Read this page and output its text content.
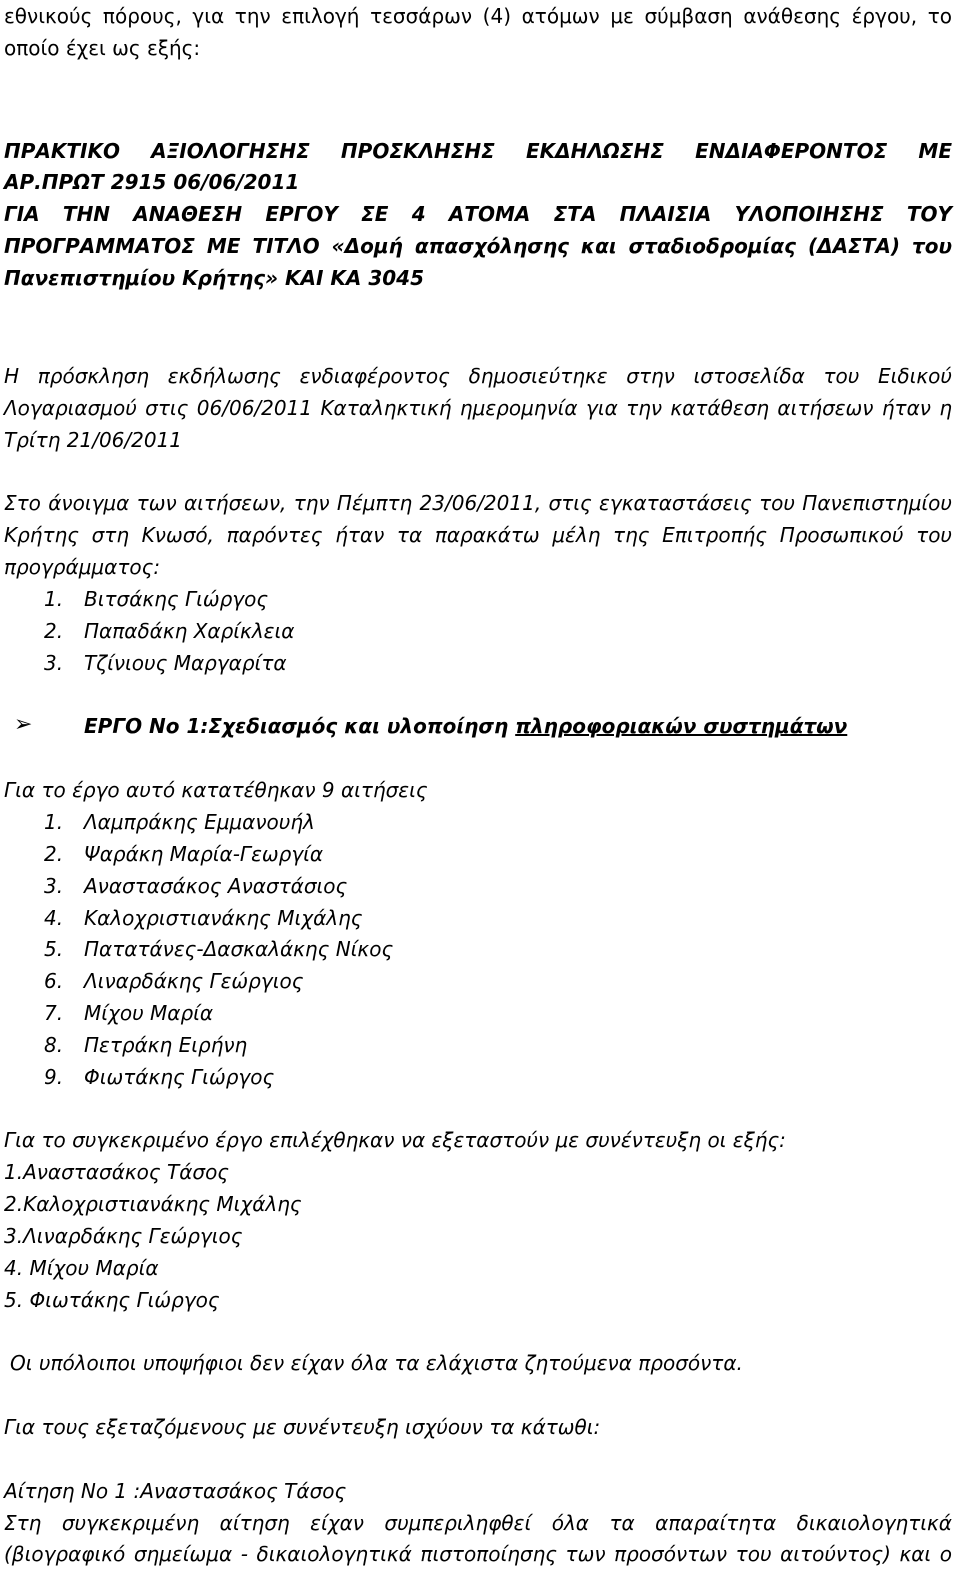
εθνικούς πόρους, για την επιλογή τεσσάρων (4) ατόμων με σύμβαση ανάθεσης έργου, το
οποίο έχει ως εξής:
ΠΡΑΚΤΙΚΟ ΑΞΙΟΛΟΓΗΣΗΣ ΠΡΟΣΚΛΗΣΗΣ ΕΚΔΗΛΩΣΗΣ ΕΝΔΙΑΦΕΡΟΝΤΟΣ ΜΕ
ΑΡ.ΠΡΩΤ 2915 06/06/2011
ΓΙΑ ΤΗΝ ΑΝΑΘΕΣΗ ΕΡΓΟΥ ΣΕ 4 ΑΤΟΜΑ ΣΤΑ ΠΛΑΙΣΙΑ ΥΛΟΠΟΙΗΣΗΣ ΤΟΥ
ΠΡΟΓΡΑΜΜΑΤΟΣ ΜΕ ΤΙΤΛΟ «Δομή απασχόλησης και σταδιοδρομίας (ΔΑΣΤΑ) του
Πανεπιστημίου Κρήτης» ΚΑΙ ΚΑ 3045
Η πρόσκληση εκδήλωσης ενδιαφέροντος δημοσιεύτηκε στην ιστοσελίδα του Ειδικού
Λογαριασμού στις 06/06/2011 Καταληκτική ημερομηνία για την κατάθεση αιτήσεων ήταν η
Τρίτη 21/06/2011
Στο άνοιγμα των αιτήσεων, την Πέμπτη 23/06/2011, στις εγκαταστάσεις του Πανεπιστημίου
Κρήτης στη Κνωσό, παρόντες ήταν τα παρακάτω μέλη της Επιτροπής Προσωπικού του
προγράμματος:
1. Βιτσάκης Γιώργος
2. Παπαδάκη Χαρίκλεια
3. Τζίνιους Μαργαρίτα
➢	ΕΡΓΟ Νο 1:Σχεδιασμός και υλοποίηση πληροφοριακών συστημάτων
Για το έργο αυτό κατατέθηκαν 9 αιτήσεις
1. Λαμπράκης Εμμανουήλ
2. Ψαράκη Μαρία-Γεωργία
3. Αναστασάκος Αναστάσιος
4. Καλοχριστιανάκης Μιχάλης
5. Πατατάνες-Δασκαλάκης Νίκος
6. Λιναρδάκης Γεώργιος
7. Μίχου Μαρία
8. Πετράκη Ειρήνη
9. Φιωτάκης Γιώργος
Για το συγκεκριμένο έργο επιλέχθηκαν να εξεταστούν με συνέντευξη οι εξής:
1.Αναστασάκος Τάσος
2.Καλοχριστιανάκης Μιχάλης
3.Λιναρδάκης Γεώργιος
4. Μίχου Μαρία
5. Φιωτάκης Γιώργος
Οι υπόλοιποι υποψήφιοι δεν είχαν όλα τα ελάχιστα ζητούμενα προσόντα.
Για τους εξεταζόμενους με συνέντευξη ισχύουν τα κάτωθι:
Αίτηση Νο 1 :Αναστασάκος Τάσος
Στη συγκεκριμένη αίτηση είχαν συμπεριληφθεί όλα τα απαραίτητα δικαιολογητικά
(βιογραφικό σημείωμα - δικαιολογητικά πιστοποίησης των προσόντων του αιτούντος) και ο
